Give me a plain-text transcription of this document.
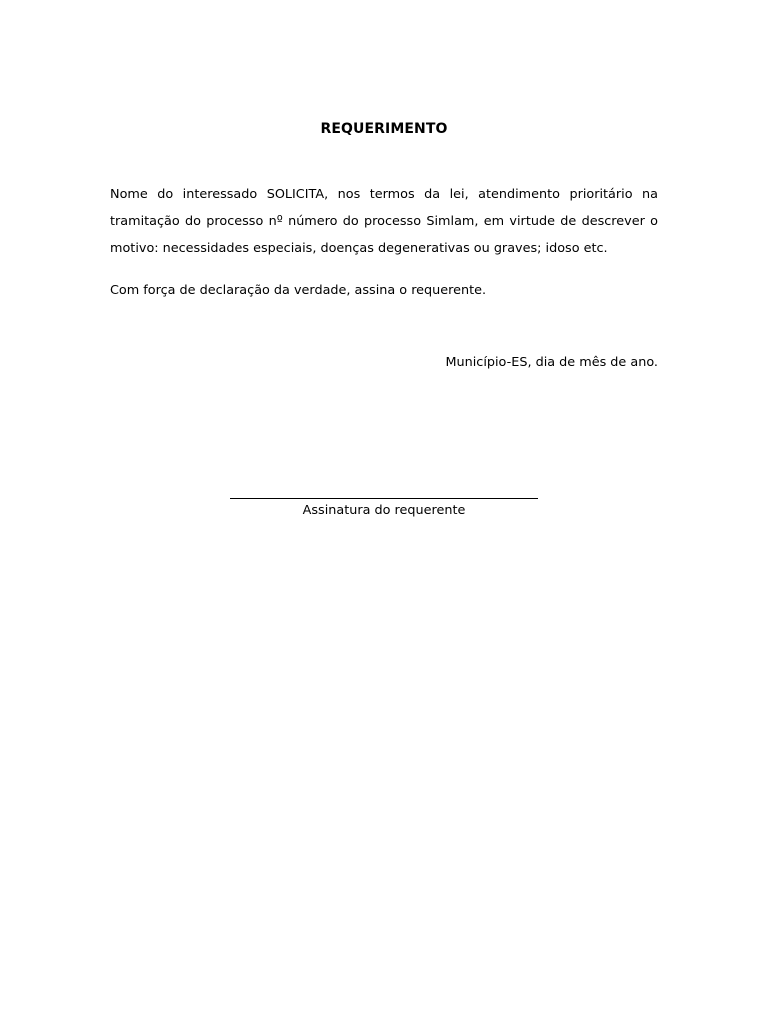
REQUERIMENTO
Nome do interessado SOLICITA, nos termos da lei, atendimento prioritário na tramitação do processo nº número do processo Simlam, em virtude de descrever o motivo: necessidades especiais, doenças degenerativas ou graves; idoso etc.
Com força de declaração da verdade, assina o requerente.
Município-ES, dia de mês de ano.
Assinatura do requerente
